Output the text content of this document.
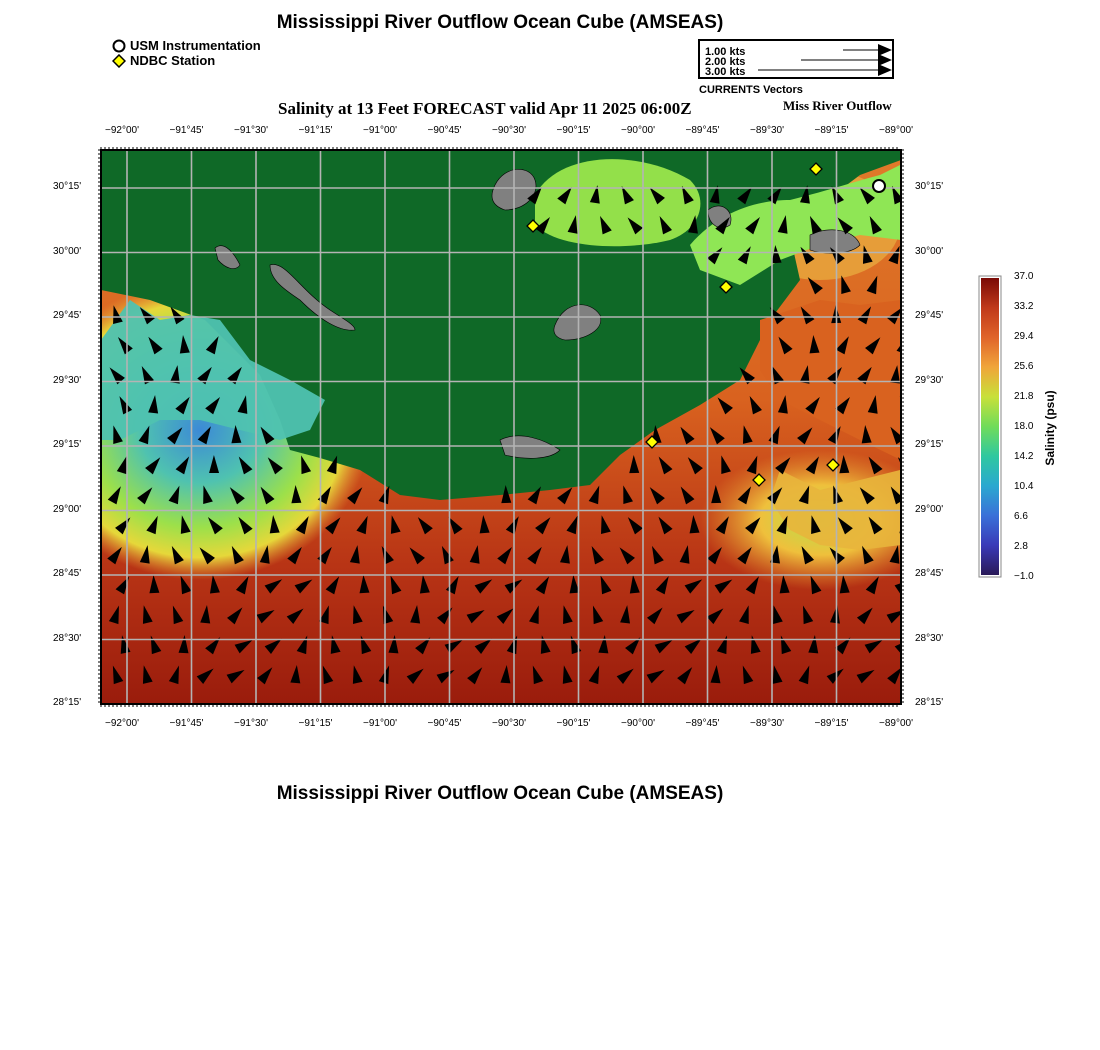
Mississippi River Outflow Ocean Cube (AMSEAS)
USM Instrumentation
NDBC Station
1.00 kts
2.00 kts
3.00 kts
CURRENTS Vectors
Salinity at 13 Feet FORECAST valid Apr 11 2025 06:00Z	Miss River Outflow
−92°00'	−91°45'	−91°30'	−91°15'	−91°00'	−90°45'	−90°30'	−90°15'	−90°00'	−89°45'	−89°30'	−89°15'	−89°00'
−92°00'	−91°45'	−91°30'	−91°15'	−91°00'	−90°45'	−90°30'	−90°15'	−90°00'	−89°45'	−89°30'	−89°15'	−89°00'
30°15'
30°00'
29°45'
29°30'
29°15'
29°00'
28°45'
28°30'
28°15'
30°15'
30°00'
29°45'
29°30'
29°15'
29°00'
28°45'
28°30'
28°15'
37.0
33.2
29.4
25.6
21.8
18.0
14.2
10.4
6.6
2.8
−1.0
Salinity (psu)
Mississippi River Outflow Ocean Cube (AMSEAS)
